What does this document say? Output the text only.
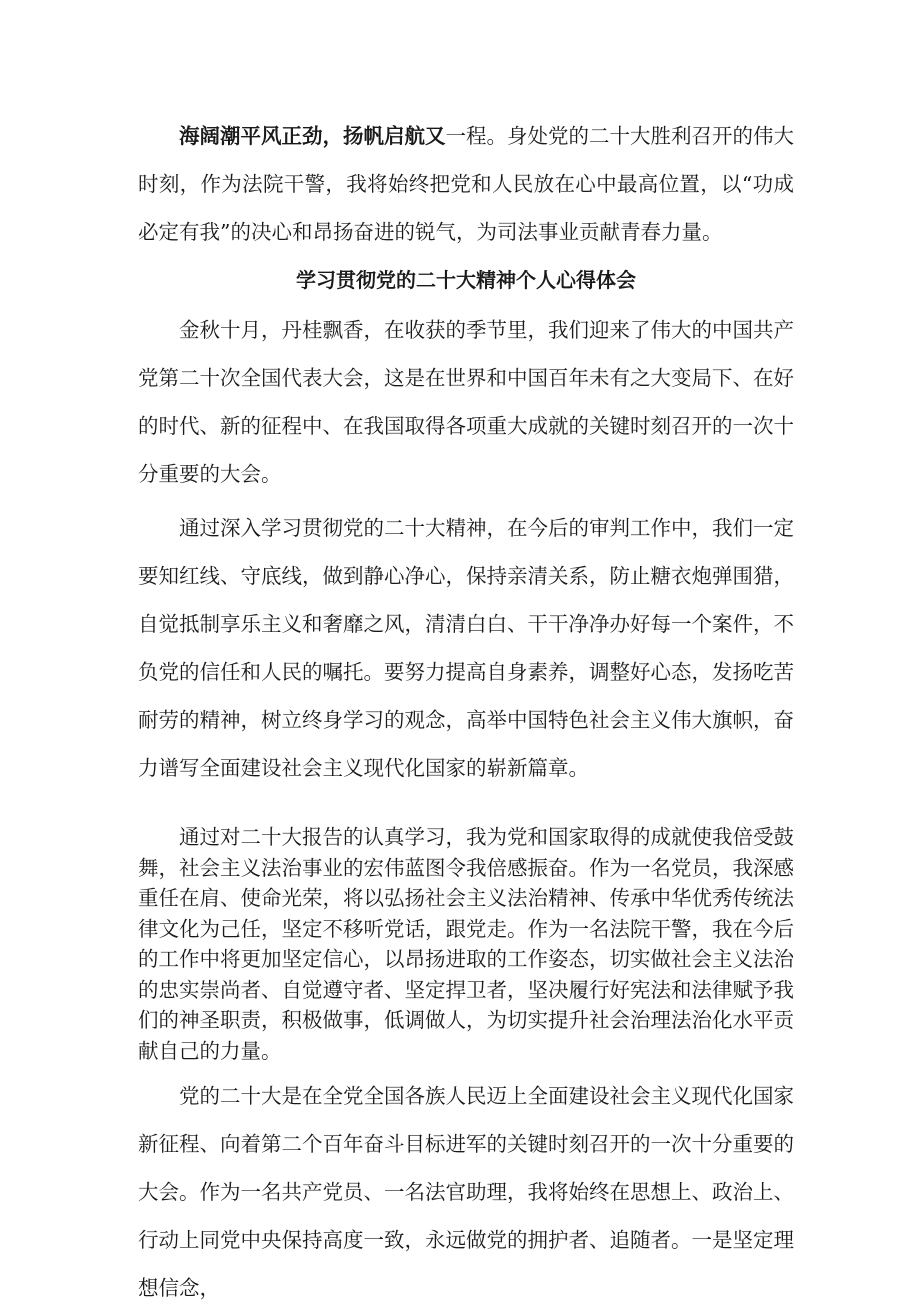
海阔潮平风正劲，扬帆启航又一程。身处党的二十大胜利召开的伟大时刻，作为法院干警，我将始终把党和人民放在心中最高位置，以“功成必定有我”的决心和昂扬奋进的锐气，为司法事业贡献青春力量。

学习贯彻党的二十大精神个人心得体会

金秋十月，丹桂飘香，在收获的季节里，我们迎来了伟大的中国共产党第二十次全国代表大会，这是在世界和中国百年未有之大变局下、在好的时代、新的征程中、在我国取得各项重大成就的关键时刻召开的一次十分重要的大会。

通过深入学习贯彻党的二十大精神，在今后的审判工作中，我们一定要知红线、守底线，做到静心净心，保持亲清关系，防止糖衣炮弹围猎，自觉抵制享乐主义和奢靡之风，清清白白、干干净净办好每一个案件，不负党的信任和人民的嘱托。要努力提高自身素养，调整好心态，发扬吃苦耐劳的精神，树立终身学习的观念，高举中国特色社会主义伟大旗帜，奋力谱写全面建设社会主义现代化国家的崭新篇章。

通过对二十大报告的认真学习，我为党和国家取得的成就使我倍受鼓舞，社会主义法治事业的宏伟蓝图令我倍感振奋。作为一名党员，我深感重任在肩、使命光荣，将以弘扬社会主义法治精神、传承中华优秀传统法律文化为己任，坚定不移听党话，跟党走。作为一名法院干警，我在今后的工作中将更加坚定信心，以昂扬进取的工作姿态，切实做社会主义法治的忠实崇尚者、自觉遵守者、坚定捍卫者，坚决履行好宪法和法律赋予我们的神圣职责，积极做事，低调做人，为切实提升社会治理法治化水平贡献自己的力量。

党的二十大是在全党全国各族人民迈上全面建设社会主义现代化国家新征程、向着第二个百年奋斗目标进军的关键时刻召开的一次十分重要的大会。作为一名共产党员、一名法官助理，我将始终在思想上、政治上、行动上同党中央保持高度一致，永远做党的拥护者、追随者。一是坚定理想信念，
